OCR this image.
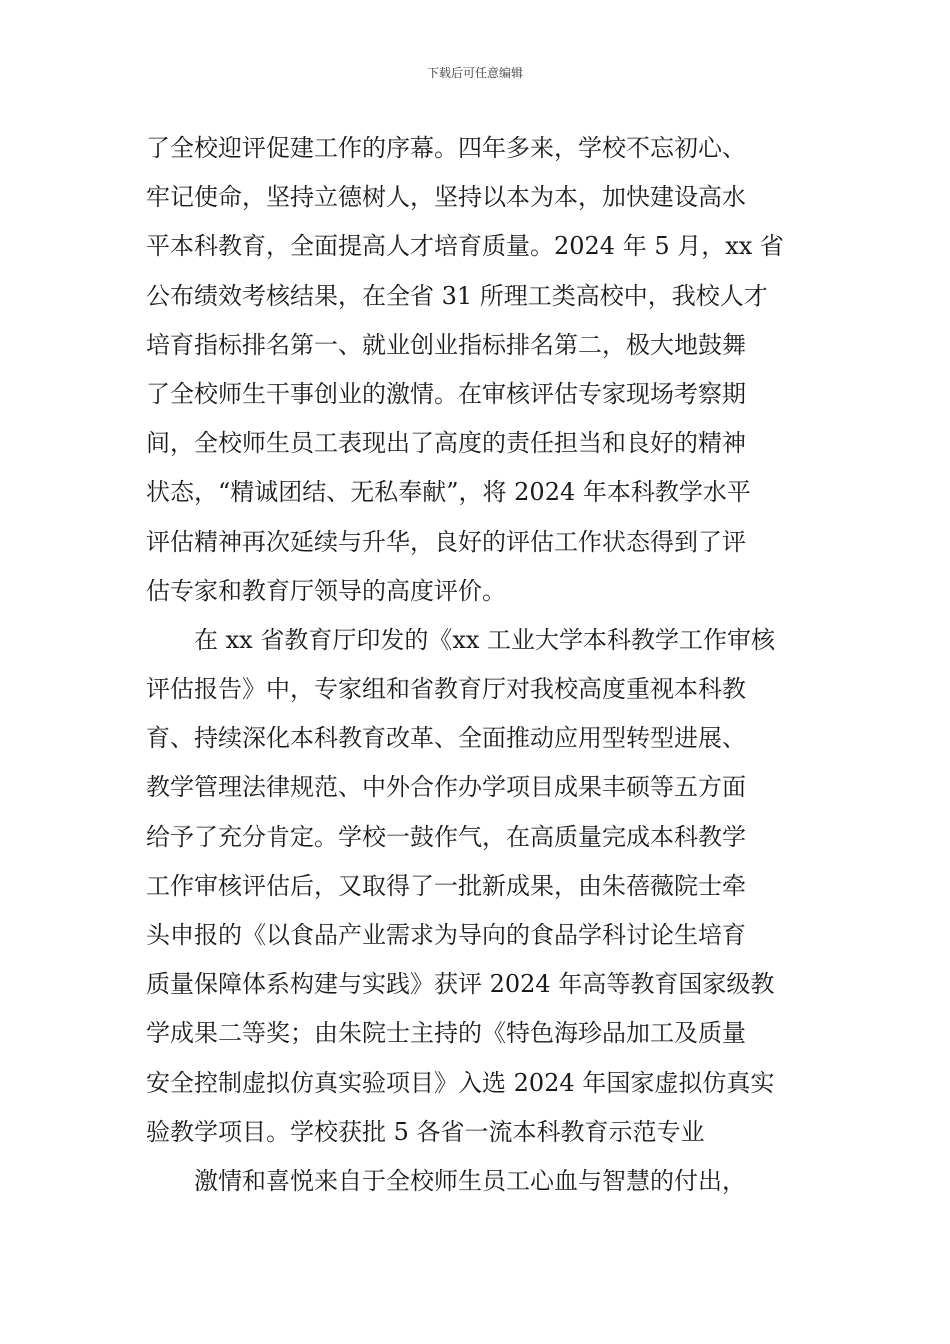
下载后可任意编辑
了全校迎评促建工作的序幕。四年多来，学校不忘初心、
牢记使命，坚持立德树人，坚持以本为本，加快建设高水
平本科教育，全面提高人才培育质量。2024 年 5 月，xx 省
公布绩效考核结果，在全省 31 所理工类高校中，我校人才
培育指标排名第一、就业创业指标排名第二，极大地鼓舞
了全校师生干事创业的激情。在审核评估专家现场考察期
间，全校师生员工表现出了高度的责任担当和良好的精神
状态，“精诚团结、无私奉献”，将 2024 年本科教学水平
评估精神再次延续与升华，良好的评估工作状态得到了评
估专家和教育厅领导的高度评价。
在 xx 省教育厅印发的《xx 工业大学本科教学工作审核
评估报告》中，专家组和省教育厅对我校高度重视本科教
育、持续深化本科教育改革、全面推动应用型转型进展、
教学管理法律规范、中外合作办学项目成果丰硕等五方面
给予了充分肯定。学校一鼓作气，在高质量完成本科教学
工作审核评估后，又取得了一批新成果，由朱蓓薇院士牵
头申报的《以食品产业需求为导向的食品学科讨论生培育
质量保障体系构建与实践》获评 2024 年高等教育国家级教
学成果二等奖；由朱院士主持的《特色海珍品加工及质量
安全控制虚拟仿真实验项目》入选 2024 年国家虚拟仿真实
验教学项目。学校获批 5 各省一流本科教育示范专业
激情和喜悦来自于全校师生员工心血与智慧的付出，
